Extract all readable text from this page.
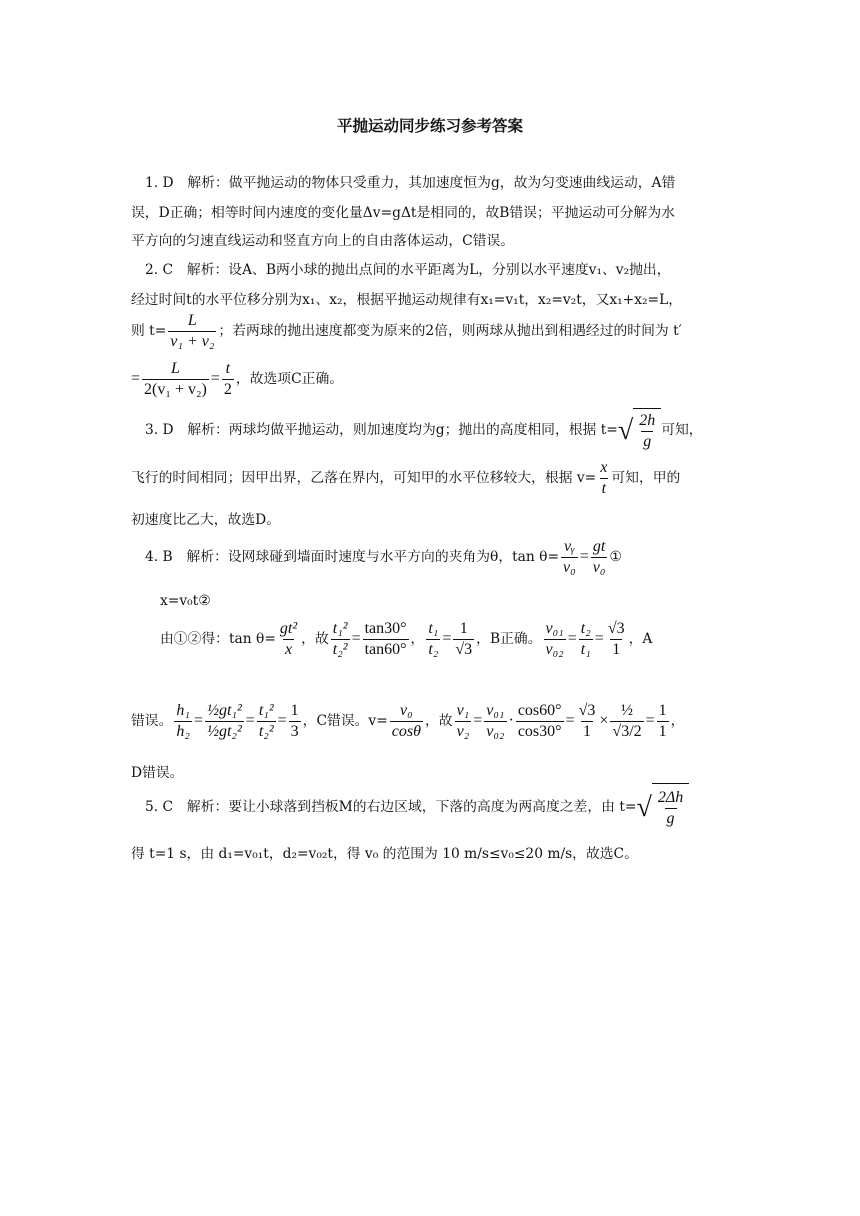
平抛运动同步练习参考答案
1. D　解析：做平抛运动的物体只受重力，其加速度恒为g，故为匀变速曲线运动，A错
误，D正确；相等时间内速度的变化量Δv=gΔt是相同的，故B错误；平抛运动可分解为水
平方向的匀速直线运动和竖直方向上的自由落体运动，C错误。
2. C　解析：设A、B两小球的抛出点间的水平距离为L，分别以水平速度v₁、v₂抛出，
经过时间t的水平位移分别为x₁、x₂，根据平抛运动规律有x₁=v₁t，x₂=v₂t，又x₁+x₂=L，
则 $t= \frac{L}{\text{v₁ + v₂}}$ ；若两球的抛出速度都变为原来的2倍，则两球从抛出到相遇经过的时间为 t′
= $\frac{L}{\text{2(v₁ + v₂)}} = \frac{t}{2}$ ，故选项C正确。
3. D　解析：两球均做平抛运动，则加速度均为g；抛出的高度相同，根据 t= √ $\frac{2h}{g}$ 可知，
飞行的时间相同；因甲出界，乙落在界内，可知甲的水平位移较大，根据 $v= \frac{x}{t}$ 可知，甲的
初速度比乙大，故选D。
4. B　解析：设网球碰到墙面时速度与水平方向的夹角为θ，$\tan \theta= \frac{\text{vᵧ}}{\text{v₀}} = \frac{gt}{\text{v₀}}$ ①
x=v₀t②
由①②得：$\tan \theta= \frac{\text{gt²}}{x}$ ，故 $\frac{\text{t₁²}}{\text{t₂²}} = \frac{\tan 30^\circ}{\tan 60^\circ}$ ， $\frac{\text{t₁}}{\text{t₂}} = \frac{1}{√3}$ ，B正确。 $\frac{\text{v₀₁}}{\text{v₀₂}} = \frac{\text{t₂}}{\text{t₁}} = \frac{√3}{1}$ ，A
错误。 $\frac{\text{h₁}}{\text{h₂}} = \frac{\text{½gt₁²}}{\text{½gt₂²}} = \frac{\text{t₁²}}{\text{t₂²}} = \frac{1}{3}$ ，C错误。$v= \frac{\text{v₀}}{\cos\theta}$ ，故 $\frac{\text{v₁}}{\text{v₂}} = \frac{\text{v₀₁}}{\text{v₀₂}} \cdot \frac{\cos 60^\circ}{\cos 30^\circ} = \frac{√3}{1} \times \frac{\text{½}}{√3/2} = \frac{1}{1}$ ，
D错误。
5. C　解析：要让小球落到挡板M的右边区域，下落的高度为两高度之差，由 t= √ $\frac{2\Delta h}{g}$
得 t=1 s，由 d₁=v₀₁t，d₂=v₀₂t，得 v₀ 的范围为 10 m/s≤v₀≤20 m/s，故选C。
